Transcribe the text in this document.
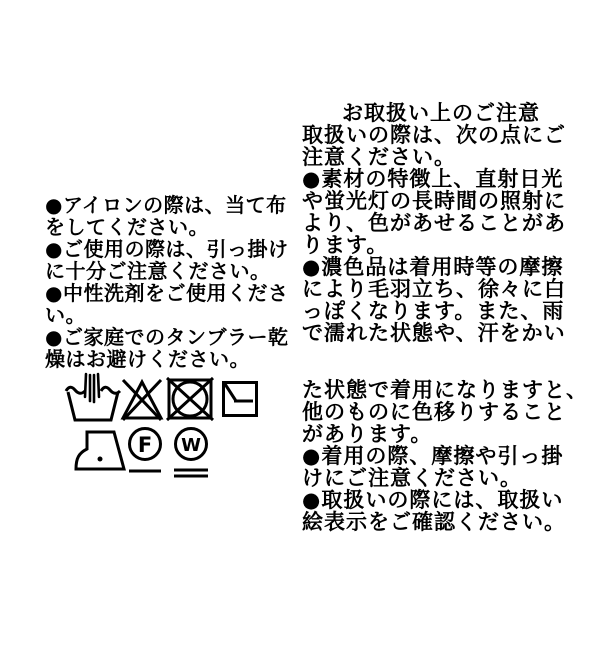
●アイロンの際は、当て布
をしてください。
●ご使用の際は、引っ掛け
に十分ご注意ください。
●中性洗剤をご使用くださ
い。
●ご家庭でのタンブラー乾
燥はお避けください。
F W
お取扱い上のご注意
取扱いの際は、次の点にご
注意ください。
●素材の特徴上、直射日光
や蛍光灯の長時間の照射に
より、色があせることがあ
ります。
●濃色品は着用時等の摩擦
により毛羽立ち、徐々に白
っぽくなります。また、雨
で濡れた状態や、汗をかい
た状態で着用になりますと、
他のものに色移りすること
があります。
●着用の際、摩擦や引っ掛
けにご注意ください。
●取扱いの際には、取扱い
絵表示をご確認ください。
